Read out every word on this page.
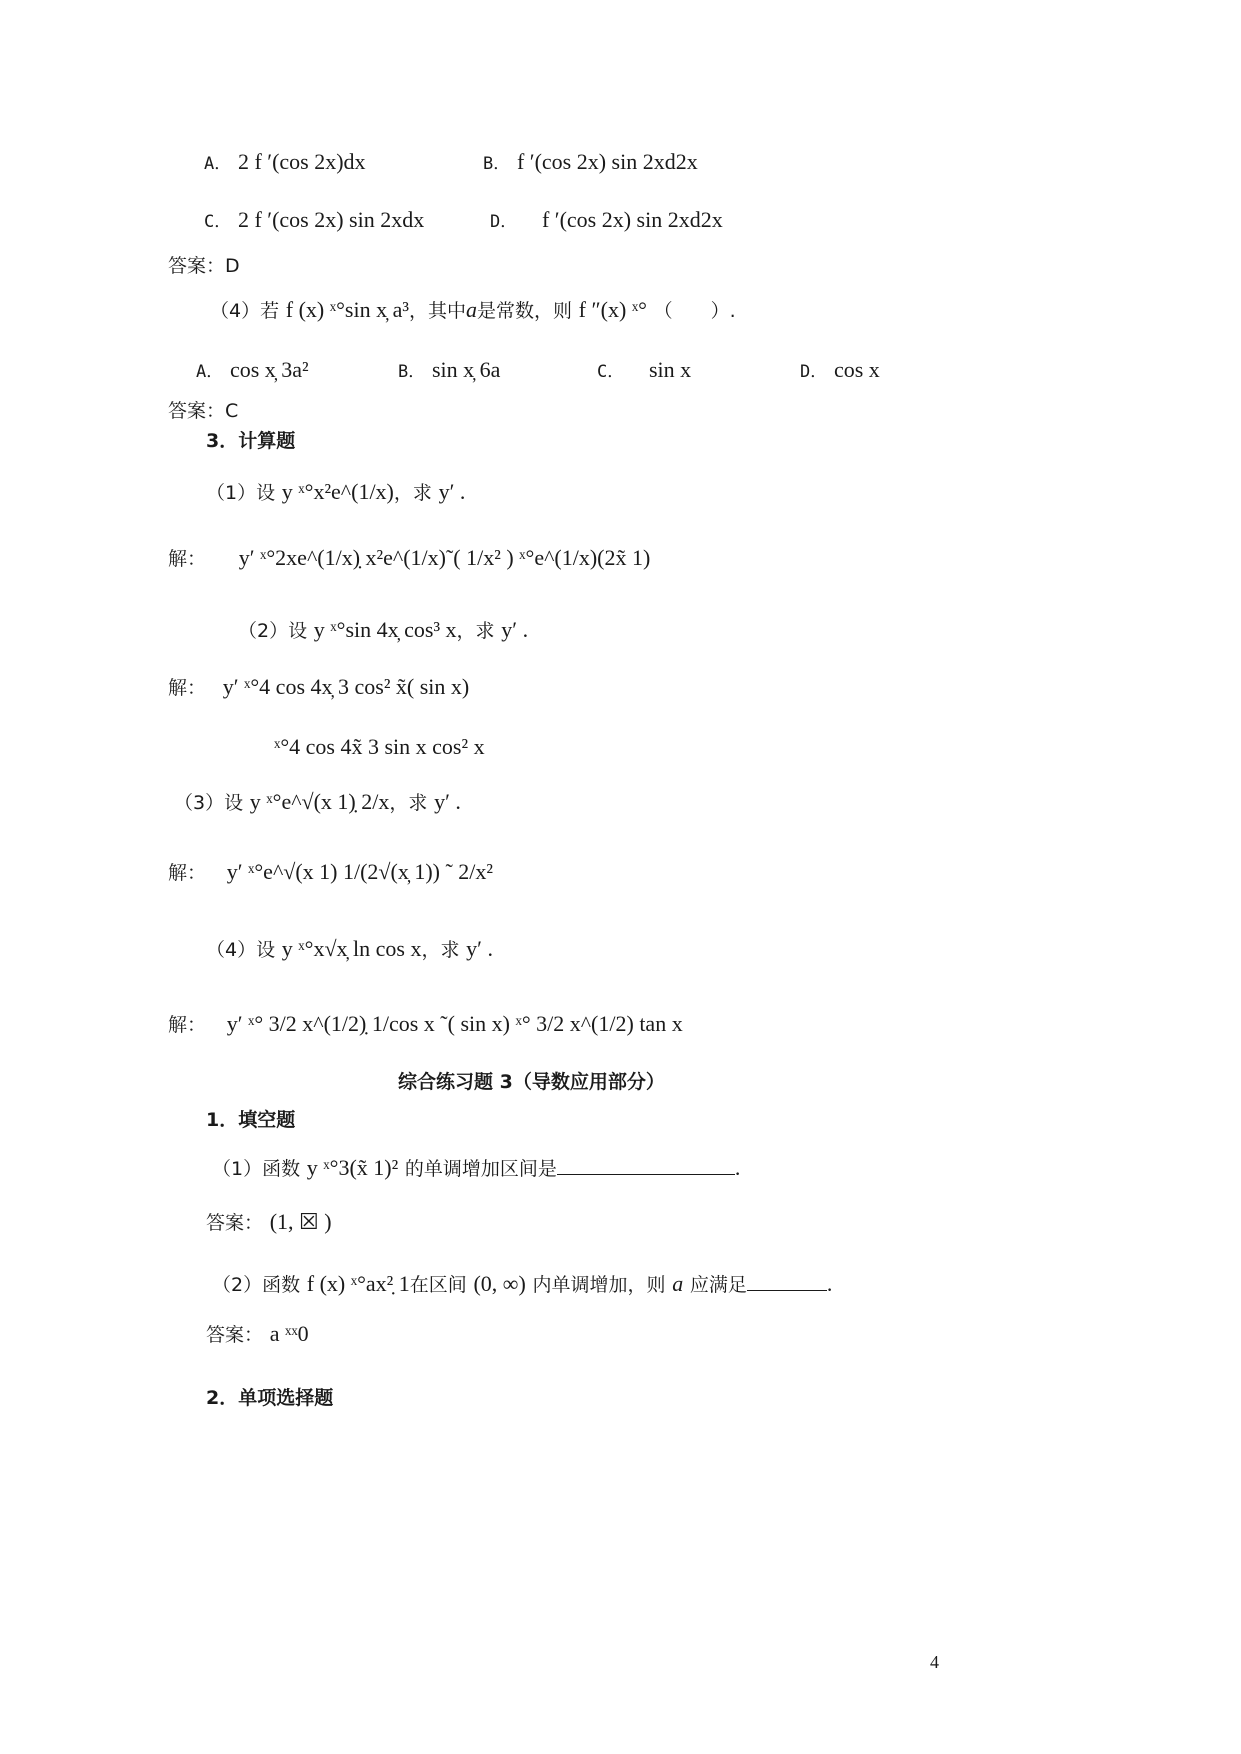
A． 2 f ′(cos 2x)dx	B． f ′(cos 2x) sin 2xd2x
C． 2 f ′(cos 2x) sin 2xdx	D． f ′(cos 2x) sin 2xd2x
答案：D
（4）若 f (x) ˣ°sin x̦ a³，其中a是常数，则 f ″(x) ˣ° （　　）.
A． cos x̦ 3a²	B． sin x̦ 6a	C． sin x	D． cos x
答案：C
3．计算题
（1）设 y ˣ°x²e^(1/x)，求 y′ .
解： y′ ˣ°2xe^(1/x)̣ x²e^(1/x)˜( 1/x² ) ˣ°e^(1/x)(2x̃ 1)
（2）设 y ˣ°sin 4x̦ cos³ x，求 y′ .
解： y′ ˣ°4 cos 4x̦ 3 cos² x̃( sin x)
ˣ°4 cos 4x̃ 3 sin x cos² x
（3）设 y ˣ°e^√(x 1)̣ 2/x，求 y′ .
解： y′ ˣ°e^√(x 1) 1/(2√(x̦ 1)) ˜ 2/x²
（4）设 y ˣ°x√x̦ ln cos x，求 y′ .
解： y′ ˣ° 3/2 x^(1/2)̣ 1/cos x ˜( sin x) ˣ° 3/2 x^(1/2) tan x
综合练习题 3（导数应用部分）
1．填空题
（1）函数 y ˣ°3(x̃ 1)² 的单调增加区间是	.
答案： (1, ☒ )
（2）函数 f (x) ˣ°ax²̣ 1在区间 (0, ∞) 内单调增加，则 a 应满足	.
答案： a ˣˣ0
2．单项选择题
4
